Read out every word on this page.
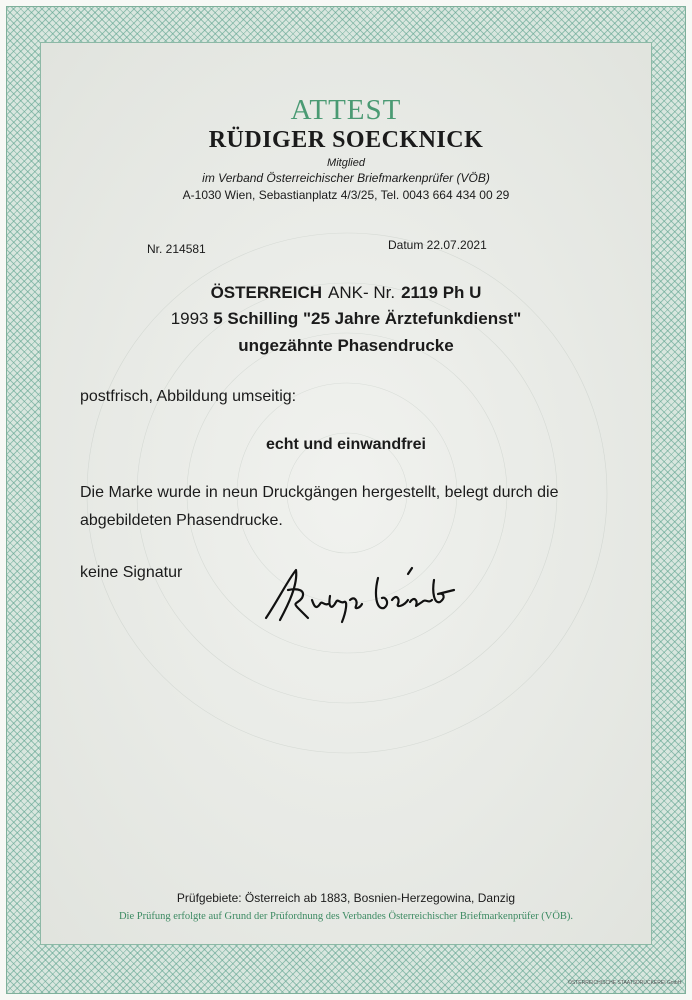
ATTEST
RÜDIGER SOECKNICK
Mitglied
im Verband Österreichischer Briefmarkenprüfer (VÖB)
A-1030 Wien, Sebastianplatz 4/3/25, Tel. 0043 664 434 00 29
Nr. 214581	Datum 22.07.2021
ÖSTERREICH ANK- Nr. 2119 Ph U
1993 5 Schilling "25 Jahre Ärztefunkdienst"
ungezähnte Phasendrucke
postfrisch, Abbildung umseitig:
echt und einwandfrei
Die Marke wurde in neun Druckgängen hergestellt, belegt durch die
abgebildeten Phasendrucke.
keine Signatur
Prüfgebiete: Österreich ab 1883, Bosnien-Herzegowina, Danzig
Die Prüfung erfolgte auf Grund der Prüfordnung des Verbandes Österreichischer Briefmarkenprüfer (VÖB).
ÖSTERREICHISCHE STAATSDRUCKEREI GmbH
